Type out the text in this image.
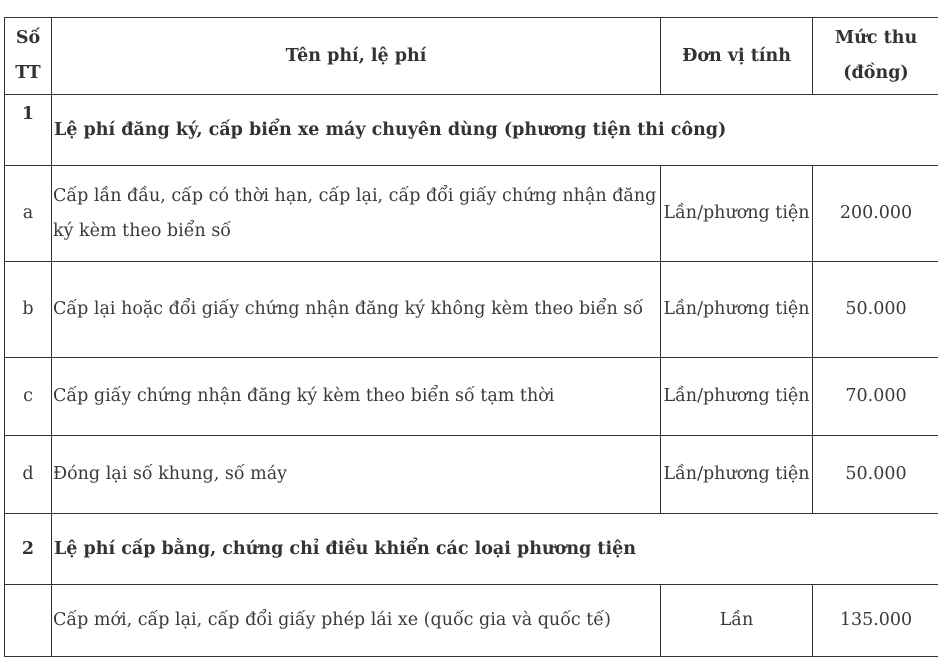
Số TT	Tên phí, lệ phí	Đơn vị tính	Mức thu (đồng)
1	Lệ phí đăng ký, cấp biển xe máy chuyên dùng (phương tiện thi công)		
a	Cấp lần đầu, cấp có thời hạn, cấp lại, cấp đổi giấy chứng nhận đăng ký kèm theo biển số	Lần/phương tiện	200.000
b	Cấp lại hoặc đổi giấy chứng nhận đăng ký không kèm theo biển số	Lần/phương tiện	50.000
c	Cấp giấy chứng nhận đăng ký kèm theo biển số tạm thời	Lần/phương tiện	70.000
d	Đóng lại số khung, số máy	Lần/phương tiện	50.000
2	Lệ phí cấp bằng, chứng chỉ điều khiển các loại phương tiện		
	Cấp mới, cấp lại, cấp đổi giấy phép lái xe (quốc gia và quốc tế)	Lần	135.000
